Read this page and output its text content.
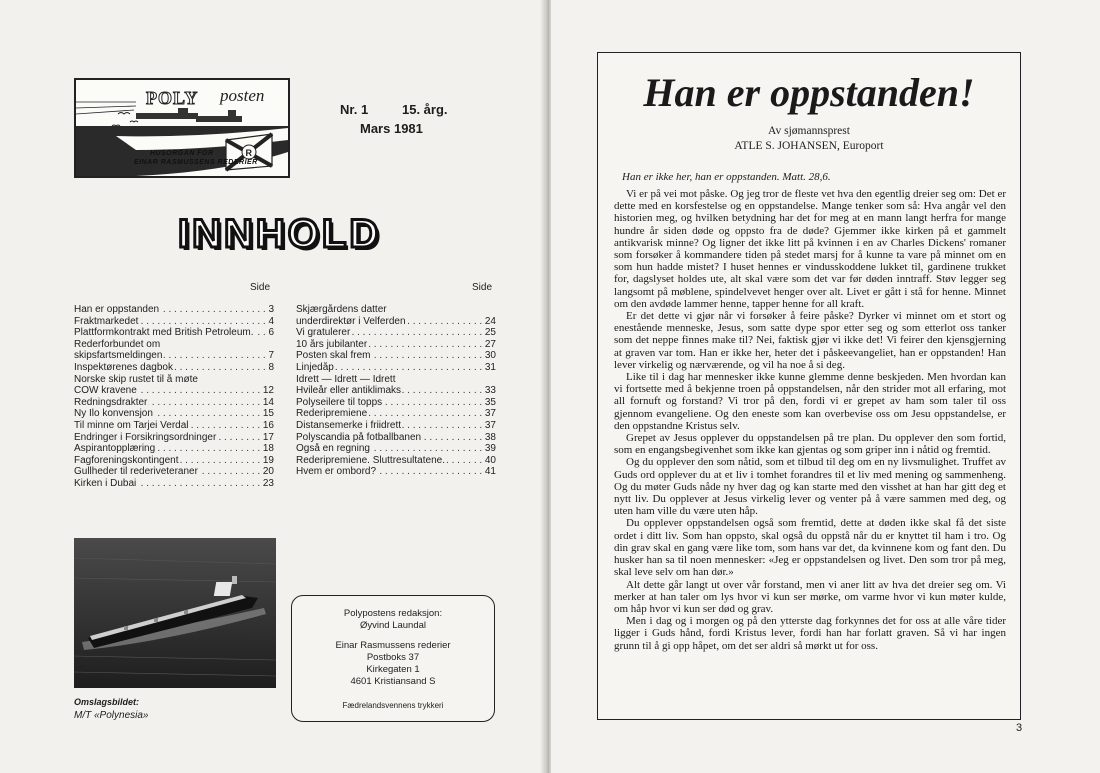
R
POLY posten
HUSORGAN FOR
EINAR RASMUSSENS REDERIER
Nr. 1	15. årg.
Mars 1981
INNHOLD
Side	Side
Han er oppstanden	3
. . .
Fraktmarkedet	4
. . .
Plattformkontrakt med British Petroleum. 6
. . .
Rederforbundet om
skipsfartsmeldingen	7
. . .
Inspektørenes dagbok	8
. . .
Norske skip rustet til å møte
COW kravene	12
. . .
Redningsdrakter	14
. . .
Ny Ilo konvensjon	15
. . .
Til minne om Tarjei Verdal	16
. . .
Endringer i Forsikringsordninger	17
. . .
Aspirantopplæring	18
. . .
Fagforeningskontingent	19
. . .
Gullheder til rederiveteraner	20
. . .
Kirken i Dubai	23
. . .
Skjærgårdens datter
underdirektør i Velferden	24
. . .
Vi gratulerer	25
. . .
10 års jubilanter	27
. . .
Posten skal frem	30
. . .
Linjedåp	31
. . .
Idrett — Idrett — Idrett
Hvileår eller antiklimaks	33
. . .
Polyseilere til topps	35
. . .
Rederipremiene	37
. . .
Distansemerke i friidrett	37
. . .
Polyscandia på fotballbanen	38
. . .
Også en regning	39
. . .
Rederipremiene. Sluttresultatene.	40
. . .
Hvem er ombord?	41
. . .
Omslagsbildet:
M/T «Polynesia»
Polypostens redaksjon:
Øyvind Laundal
Einar Rasmussens rederier
Postboks 37
Kirkegaten 1
4601 Kristiansand S
Fædrelandsvennens trykkeri
Han er oppstanden!
Av sjømannsprest
ATLE S. JOHANSEN, Europort
Han er ikke her, han er oppstanden. Matt. 28,6.

Vi er på vei mot påske. Og jeg tror de fleste vet hva den egentlig dreier seg om: Det er dette med en korsfestelse og en oppstandelse. Mange tenker som så: Hva angår vel den historien meg, og hvilken betydning har det for meg at en mann langt herfra for mange hundre år siden døde og oppsto fra de døde? Gjemmer ikke kirken på et gammelt antikvarisk minne? Og ligner det ikke litt på kvinnen i en av Charles Dickens' romaner som forsøker å kommandere tiden på stedet marsj for å kunne ta vare på minnet om en som hun hadde mistet? I huset hennes er vindusskoddene lukket til, gardinene trukket for, dagslyset holdes ute, alt skal være som det var før døden inntraff. Støv legger seg langsomt på møblene, spindelvevet henger over alt. Livet er gått i stå for henne. Minnet om den avdøde lammer henne, tapper henne for all kraft.

Er det dette vi gjør når vi forsøker å feire påske? Dyrker vi minnet om et stort og enestående menneske, Jesus, som satte dype spor etter seg og som etterlot oss tanker som det neppe finnes make til? Nei, faktisk gjør vi ikke det! Vi feirer den kjensgjerning at graven var tom. Han er ikke her, heter det i påskeevangeliet, han er oppstanden! Han lever virkelig og nærværende, og vil ha noe å si deg.

Like til i dag har mennesker ikke kunne glemme denne beskjeden. Men hvordan kan vi fortsette med å bekjenne troen på oppstandelsen, når den strider mot all erfaring, mot all fornuft og forstand? Vi tror på den, fordi vi er grepet av ham som taler til oss gjennom evangeliene. Og den eneste som kan overbevise oss om Jesu oppstandelse, er den oppstandne Kristus selv.

Grepet av Jesus opplever du oppstandelsen på tre plan. Du opplever den som fortid, som en engangsbegivenhet som ikke kan gjentas og som griper inn i nåtid og fremtid.

Og du opplever den som nåtid, som et tilbud til deg om en ny livsmulighet. Truffet av Guds ord opplever du at et liv i tomhet forandres til et liv med mening og sammenheng. Og du møter Guds nåde ny hver dag og kan starte med den visshet at han har gitt deg et nytt liv. Du opplever at Jesus virkelig lever og venter på å være sammen med deg, og uten ham ville du være uten håp.

Du opplever oppstandelsen også som fremtid, dette at døden ikke skal få det siste ordet i ditt liv. Som han oppsto, skal også du oppstå når du er knyttet til ham i tro. Og din grav skal en gang være like tom, som hans var det, da kvinnene kom og fant den. Du husker han sa til noen mennesker: «Jeg er oppstandelsen og livet. Den som tror på meg, skal leve selv om han dør.»

Alt dette går langt ut over vår forstand, men vi aner litt av hva det dreier seg om. Vi merker at han taler om lys hvor vi kun ser mørke, om varme hvor vi kun møter kulde, om håp hvor vi kun ser død og grav.

Men i dag og i morgen og på den ytterste dag forkynnes det for oss at alle våre tider ligger i Guds hånd, fordi Kristus lever, fordi han har forlatt graven. Så vi har ingen grunn til å gi opp håpet, om det ser aldri så mørkt ut for oss.

3
